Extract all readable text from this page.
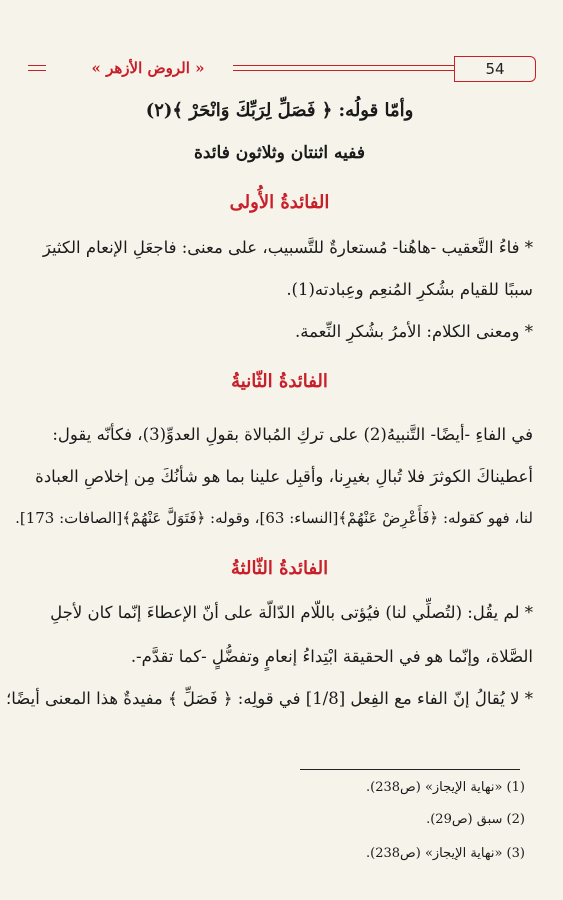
« الروض الأزهر »	54
وأمّا قولُه: ﴿ فَصَلِّ لِرَبِّكَ وَانْحَرْ ﴾(٢)
ففيه اثنتان وثلاثون فائدة
الفائدةُ الأُولى
* فاءُ التَّعقيب -هاهُنا- مُستعارةٌ للتَّسبيب، على معنى: فاجعَلِ الإنعام الكثيرَ
سببًا للقيام بشُكرِ المُنعِم وعِبادته(1).
* ومعنى الكلام: الأمرُ بشُكرِ النِّعمة.
الفائدةُ الثّانيةُ
في الفاءِ -أيضًا- التَّنبيهُ(2) على تركِ المُبالاة بقولِ العدوِّ(3)، فكأنّه يقول:
أعطيناكَ الكوثرَ فلا تُبالِ بغيرِنا، وأقبِل علينا بما هو شأنُكَ مِن إخلاصِ العبادة
لنا، فهو كقوله: ﴿فَأَعْرِضْ عَنْهُمْ﴾[النساء: 63]، وقوله: ﴿فَتَوَلَّ عَنْهُمْ﴾[الصافات: 173].
الفائدةُ الثّالثةُ
* لم يقُل: (لتُصلِّي لنا) فيُؤتى باللّام الدّالّة على أنّ الإعطاءَ إنّما كان لأجلِ
الصَّلاة، وإنّما هو في الحقيقة ابْتِداءُ إنعامٍ وتفضُّلٍ -كما تقدَّم-.
* لا يُقالُ إنّ الفاء مع الفِعل [1/8] في قولِه: ﴿ فَصَلِّ ﴾ مفيدةٌ هذا المعنى أيضًا؛
(1) «نهاية الإيجاز» (ص238).
(2) سبق (ص29).
(3) «نهاية الإيجاز» (ص238).
